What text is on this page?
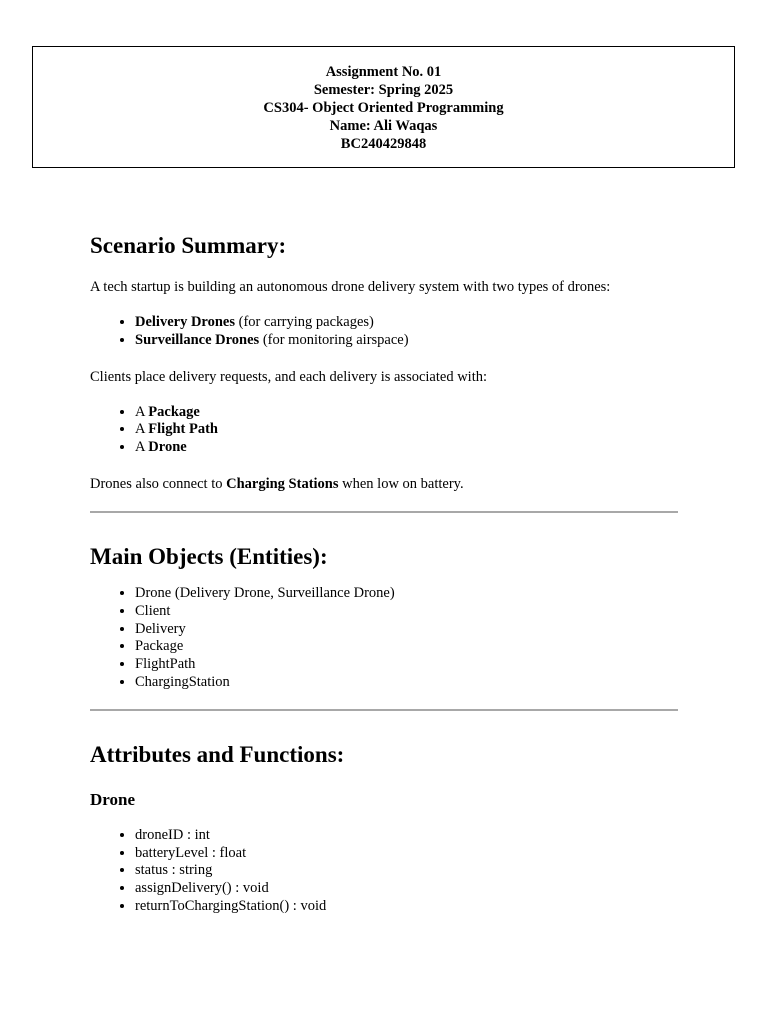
Assignment No. 01
Semester: Spring 2025
CS304- Object Oriented Programming
Name: Ali Waqas
BC240429848
Scenario Summary:

A tech startup is building an autonomous drone delivery system with two types of drones:

• Delivery Drones (for carrying packages)
• Surveillance Drones (for monitoring airspace)

Clients place delivery requests, and each delivery is associated with:

• A Package
• A Flight Path
• A Drone

Drones also connect to Charging Stations when low on battery.

Main Objects (Entities):
• Drone (Delivery Drone, Surveillance Drone)
• Client
• Delivery
• Package
• FlightPath
• ChargingStation
Attributes and Functions:
Drone
• droneID : int
• batteryLevel : float
• status : string
• assignDelivery() : void
• returnToChargingStation() : void
